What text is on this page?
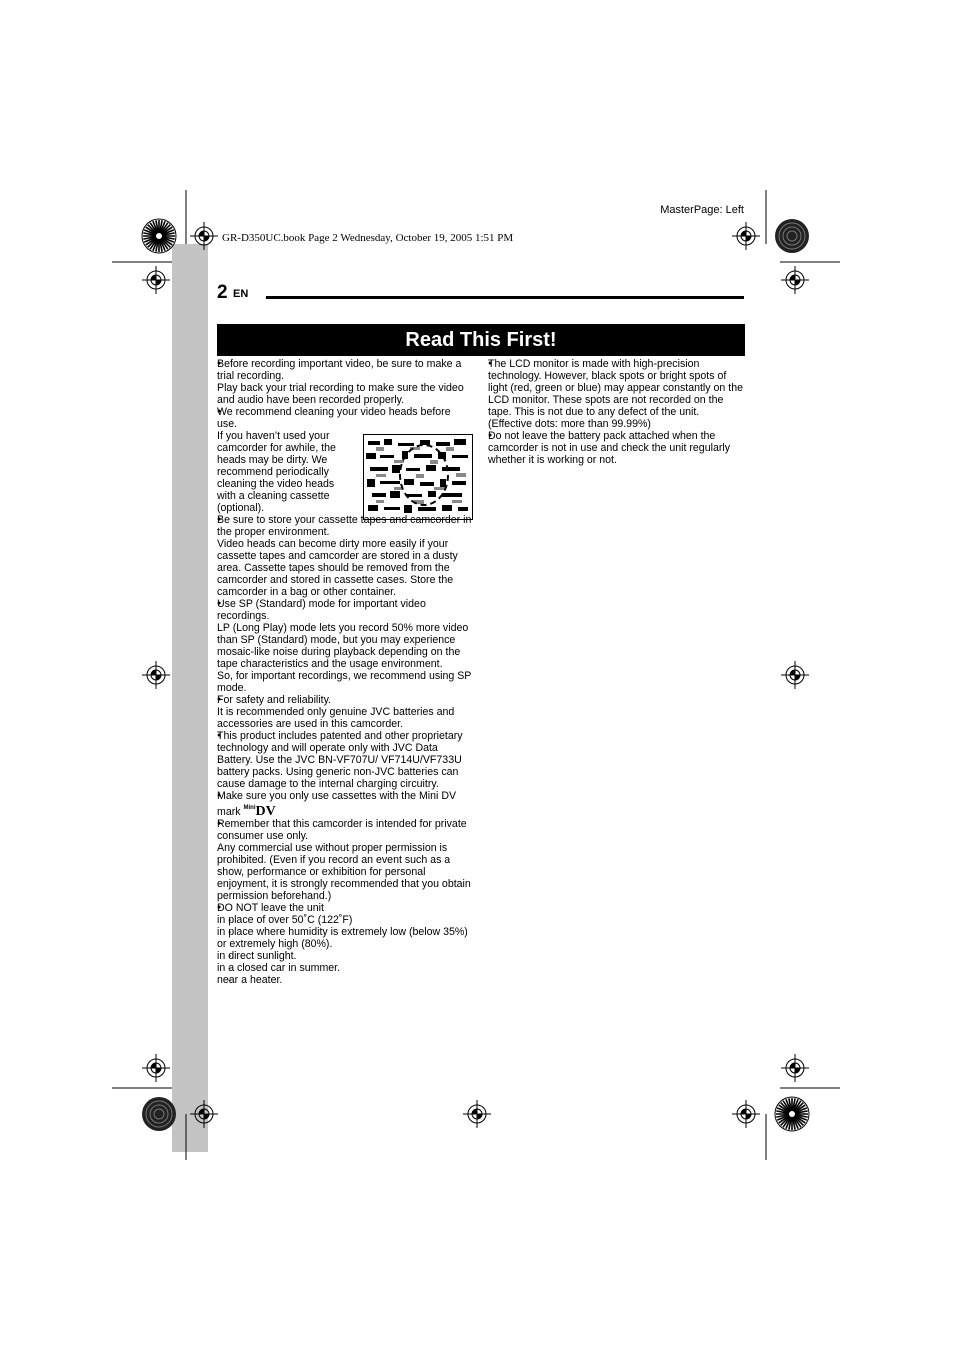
MasterPage: Left
GR-D350UC.book Page 2 Wednesday, October 19, 2005 1:51 PM
2 EN
Read This First!

● Before recording important video, be sure to make a trial recording.

Play back your trial recording to make sure the video and audio have been recorded properly.

● We recommend cleaning your video heads before use.

If you haven’t used your camcorder for awhile, the heads may be dirty. We recommend periodically cleaning the video heads with a cleaning cassette (optional).

● Be sure to store your cassette tapes and camcorder in the proper environment.

Video heads can become dirty more easily if your cassette tapes and camcorder are stored in a dusty area. Cassette tapes should be removed from the camcorder and stored in cassette cases. Store the camcorder in a bag or other container.

● Use SP (Standard) mode for important video recordings.

LP (Long Play) mode lets you record 50% more video than SP (Standard) mode, but you may experience mosaic-like noise during playback depending on the tape characteristics and the usage environment.

So, for important recordings, we recommend using SP mode.

● For safety and reliability.

It is recommended only genuine JVC batteries and accessories are used in this camcorder.

● This product includes patented and other proprietary technology and will operate only with JVC Data Battery. Use the JVC BN-VF707U/ VF714U/VF733U battery packs. Using generic non-JVC batteries can cause damage to the internal charging circuitry.

● Make sure you only use cassettes with the Mini DV mark $^{Mini}$DV

● Remember that this camcorder is intended for private consumer use only.

Any commercial use without proper permission is prohibited. (Even if you record an event such as a show, performance or exhibition for personal enjoyment, it is strongly recommended that you obtain permission beforehand.)

● DO NOT leave the unit

- in place of over 50˚C (122˚F)

- in place where humidity is extremely low (below 35%) or extremely high (80%).

- in direct sunlight.

- in a closed car in summer.

- near a heater.

● The LCD monitor is made with high-precision technology. However, black spots or bright spots of light (red, green or blue) may appear constantly on the LCD monitor. These spots are not recorded on the tape. This is not due to any defect of the unit. (Effective dots: more than 99.99%)

● Do not leave the battery pack attached when the camcorder is not in use and check the unit regularly whether it is working or not.
